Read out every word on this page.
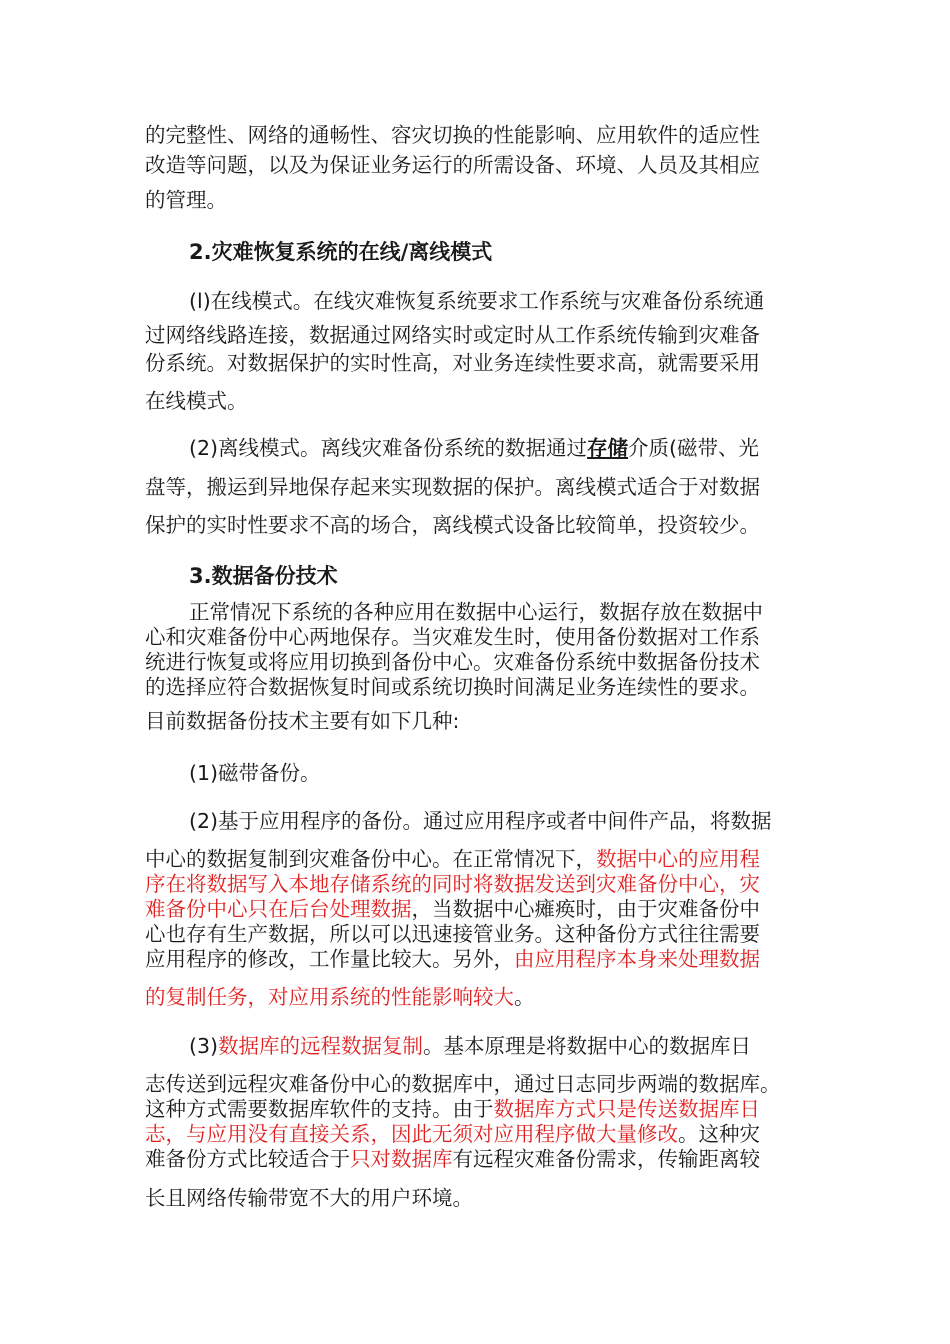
的完整性、网络的通畅性、容灾切换的性能影响、应用软件的适应性
改造等问题，以及为保证业务运行的所需设备、环境、人员及其相应
的管理。
2.灾难恢复系统的在线/离线模式
(l)在线模式。在线灾难恢复系统要求工作系统与灾难备份系统通
过网络线路连接，数据通过网络实时或定时从工作系统传输到灾难备
份系统。对数据保护的实时性高，对业务连续性要求高，就需要采用
在线模式。
(2)离线模式。离线灾难备份系统的数据通过存储介质(磁带、光
盘等，搬运到异地保存起来实现数据的保护。离线模式适合于对数据
保护的实时性要求不高的场合，离线模式设备比较简单，投资较少。
3.数据备份技术
正常情况下系统的各种应用在数据中心运行，数据存放在数据中
心和灾难备份中心两地保存。当灾难发生时，使用备份数据对工作系
统进行恢复或将应用切换到备份中心。灾难备份系统中数据备份技术
的选择应符合数据恢复时间或系统切换时间满足业务连续性的要求。
目前数据备份技术主要有如下几种:
(1)磁带备份。
(2)基于应用程序的备份。通过应用程序或者中间件产品，将数据
中心的数据复制到灾难备份中心。在正常情况下，数据中心的应用程
序在将数据写入本地存储系统的同时将数据发送到灾难备份中心，灾
难备份中心只在后台处理数据，当数据中心瘫痪时，由于灾难备份中
心也存有生产数据，所以可以迅速接管业务。这种备份方式往往需要
应用程序的修改，工作量比较大。另外，由应用程序本身来处理数据
的复制任务，对应用系统的性能影响较大。
(3)数据库的远程数据复制。基本原理是将数据中心的数据库日
志传送到远程灾难备份中心的数据库中，通过日志同步两端的数据库。
这种方式需要数据库软件的支持。由于数据库方式只是传送数据库日
志，与应用没有直接关系，因此无须对应用程序做大量修改。这种灾
难备份方式比较适合于只对数据库有远程灾难备份需求，传输距离较
长且网络传输带宽不大的用户环境。
